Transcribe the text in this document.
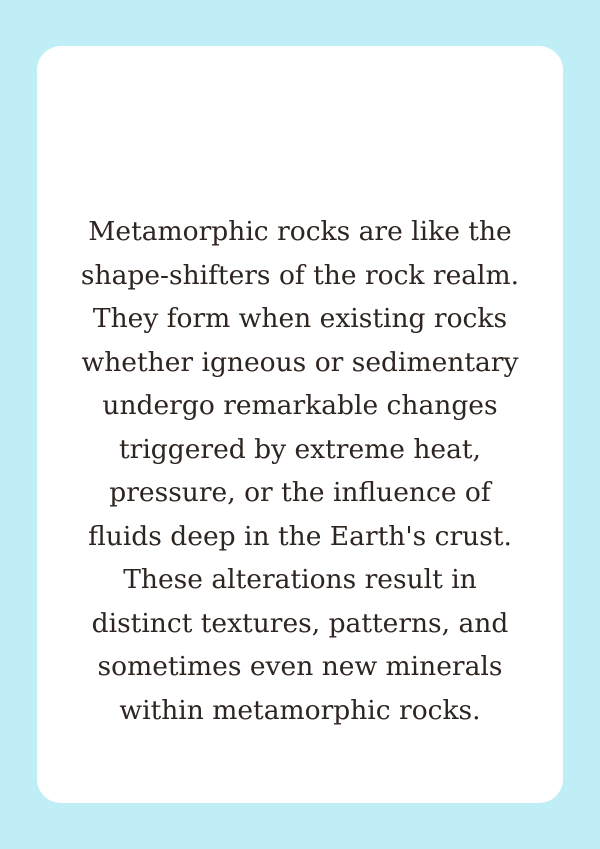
Metamorphic rocks are like the
shape-shifters of the rock realm.
They form when existing rocks
whether igneous or sedimentary
undergo remarkable changes
triggered by extreme heat,
pressure, or the influence of
fluids deep in the Earth's crust.
These alterations result in
distinct textures, patterns, and
sometimes even new minerals
within metamorphic rocks.
